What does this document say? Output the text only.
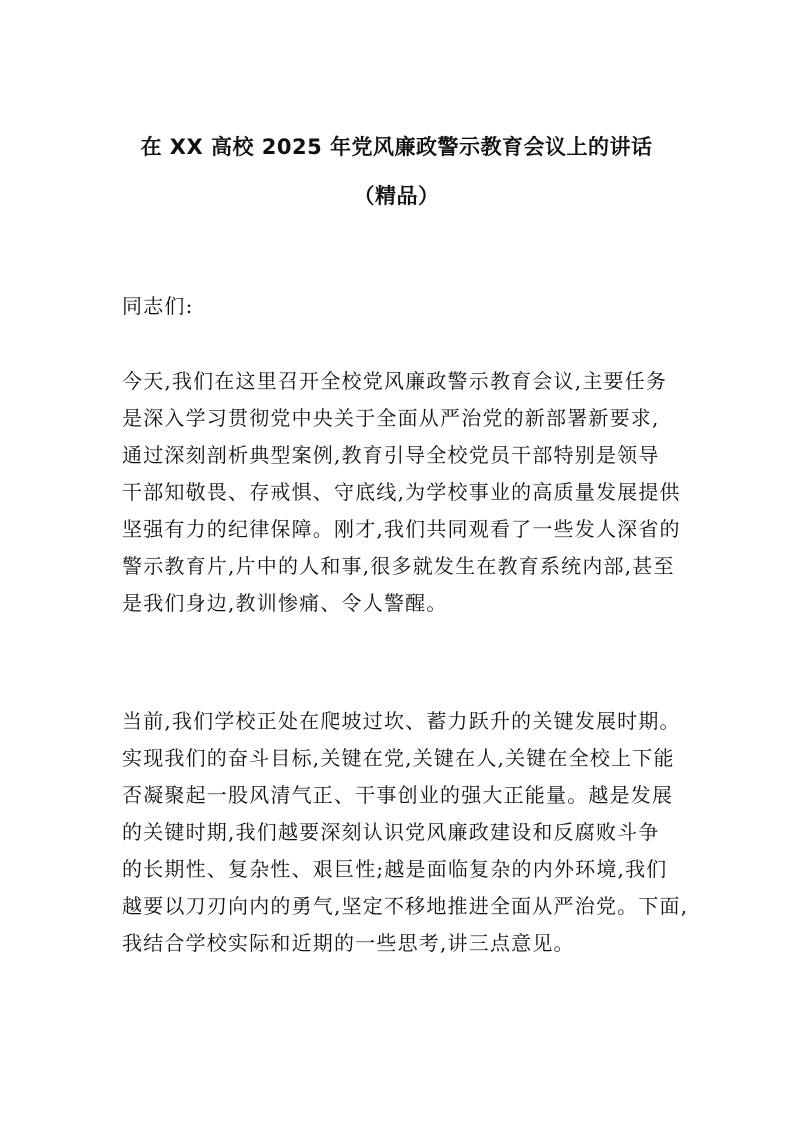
在 XX 高校 2025 年党风廉政警示教育会议上的讲话
（精品）
同志们:
今天,我们在这里召开全校党风廉政警示教育会议,主要任务
是深入学习贯彻党中央关于全面从严治党的新部署新要求,
通过深刻剖析典型案例,教育引导全校党员干部特别是领导
干部知敬畏、存戒惧、守底线,为学校事业的高质量发展提供
坚强有力的纪律保障。刚才,我们共同观看了一些发人深省的
警示教育片,片中的人和事,很多就发生在教育系统内部,甚至
是我们身边,教训惨痛、令人警醒。
当前,我们学校正处在爬坡过坎、蓄力跃升的关键发展时期。
实现我们的奋斗目标,关键在党,关键在人,关键在全校上下能
否凝聚起一股风清气正、干事创业的强大正能量。越是发展
的关键时期,我们越要深刻认识党风廉政建设和反腐败斗争
的长期性、复杂性、艰巨性;越是面临复杂的内外环境,我们
越要以刀刃向内的勇气,坚定不移地推进全面从严治党。下面,
我结合学校实际和近期的一些思考,讲三点意见。
